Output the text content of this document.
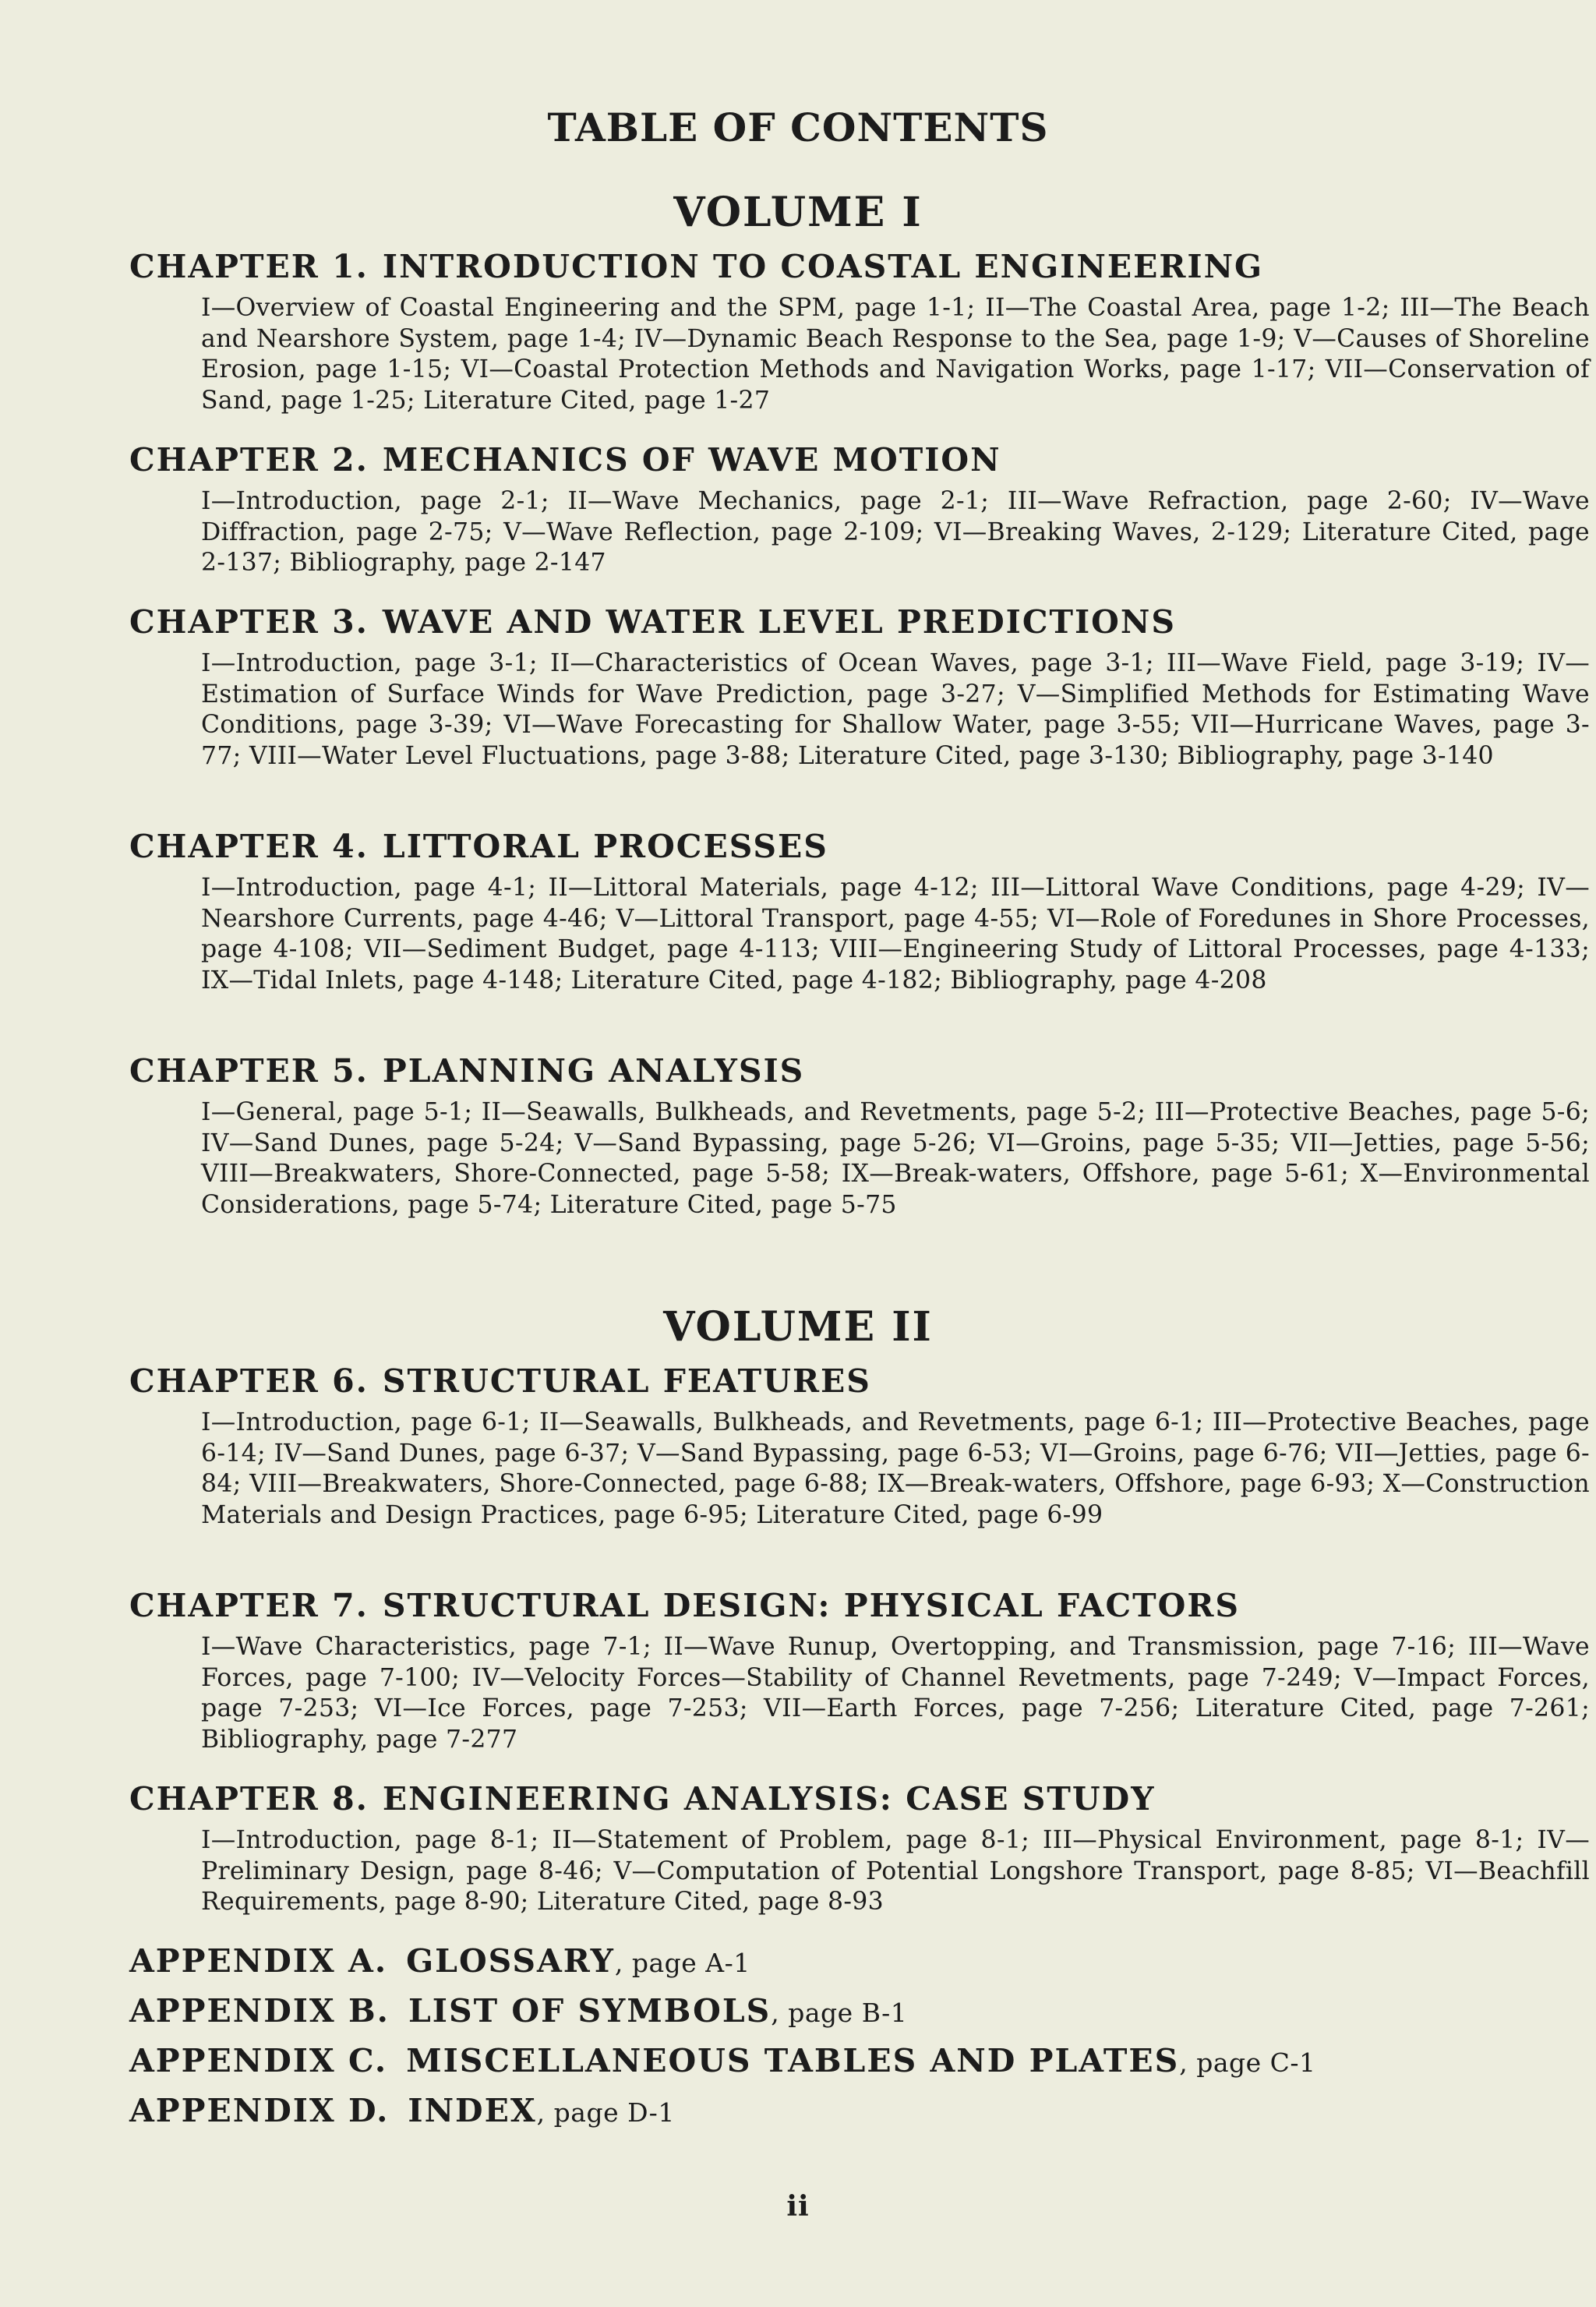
TABLE OF CONTENTS
VOLUME I
CHAPTER 1. INTRODUCTION TO COASTAL ENGINEERING
I—Overview of Coastal Engineering and the SPM, page 1-1; II—The Coastal Area, page 1-2; III—The Beach and Nearshore System, page 1-4; IV—Dynamic Beach Response to the Sea, page 1-9; V—Causes of Shoreline Erosion, page 1-15; VI—Coastal Protection Methods and Navigation Works, page 1-17; VII—Conservation of Sand, page 1-25; Literature Cited, page 1-27
CHAPTER 2. MECHANICS OF WAVE MOTION
I—Introduction, page 2-1; II—Wave Mechanics, page 2-1; III—Wave Refraction, page 2-60; IV—Wave Diffraction, page 2-75; V—Wave Reflection, page 2-109; VI—Breaking Waves, 2-129; Literature Cited, page 2-137; Bibliography, page 2-147
CHAPTER 3. WAVE AND WATER LEVEL PREDICTIONS
I—Introduction, page 3-1; II—Characteristics of Ocean Waves, page 3-1; III—Wave Field, page 3-19; IV—Estimation of Surface Winds for Wave Prediction, page 3-27; V—Simplified Methods for Estimating Wave Conditions, page 3-39; VI—Wave Forecasting for Shallow Water, page 3-55; VII—Hurricane Waves, page 3-77; VIII—Water Level Fluctuations, page 3-88; Literature Cited, page 3-130; Bibliography, page 3-140
CHAPTER 4. LITTORAL PROCESSES
I—Introduction, page 4-1; II—Littoral Materials, page 4-12; III—Littoral Wave Conditions, page 4-29; IV—Nearshore Currents, page 4-46; V—Littoral Transport, page 4-55; VI—Role of Foredunes in Shore Processes, page 4-108; VII—Sediment Budget, page 4-113; VIII—Engineering Study of Littoral Processes, page 4-133; IX—Tidal Inlets, page 4-148; Literature Cited, page 4-182; Bibliography, page 4-208
CHAPTER 5. PLANNING ANALYSIS
I—General, page 5-1; II—Seawalls, Bulkheads, and Revetments, page 5-2; III—Protective Beaches, page 5-6; IV—Sand Dunes, page 5-24; V—Sand Bypassing, page 5-26; VI—Groins, page 5-35; VII—Jetties, page 5-56; VIII—Breakwaters, Shore-Connected, page 5-58; IX—Break-waters, Offshore, page 5-61; X—Environmental Considerations, page 5-74; Literature Cited, page 5-75
VOLUME II
CHAPTER 6. STRUCTURAL FEATURES
I—Introduction, page 6-1; II—Seawalls, Bulkheads, and Revetments, page 6-1; III—Protective Beaches, page 6-14; IV—Sand Dunes, page 6-37; V—Sand Bypassing, page 6-53; VI—Groins, page 6-76; VII—Jetties, page 6-84; VIII—Breakwaters, Shore-Connected, page 6-88; IX—Break-waters, Offshore, page 6-93; X—Construction Materials and Design Practices, page 6-95; Literature Cited, page 6-99
CHAPTER 7. STRUCTURAL DESIGN: PHYSICAL FACTORS
I—Wave Characteristics, page 7-1; II—Wave Runup, Overtopping, and Transmission, page 7-16; III—Wave Forces, page 7-100; IV—Velocity Forces—Stability of Channel Revetments, page 7-249; V—Impact Forces, page 7-253; VI—Ice Forces, page 7-253; VII—Earth Forces, page 7-256; Literature Cited, page 7-261; Bibliography, page 7-277
CHAPTER 8. ENGINEERING ANALYSIS: CASE STUDY
I—Introduction, page 8-1; II—Statement of Problem, page 8-1; III—Physical Environment, page 8-1; IV—Preliminary Design, page 8-46; V—Computation of Potential Longshore Transport, page 8-85; VI—Beachfill Requirements, page 8-90; Literature Cited, page 8-93
APPENDIX A. GLOSSARY, page A-1
APPENDIX B. LIST OF SYMBOLS, page B-1
APPENDIX C. MISCELLANEOUS TABLES AND PLATES, page C-1
APPENDIX D. INDEX, page D-1
ii
